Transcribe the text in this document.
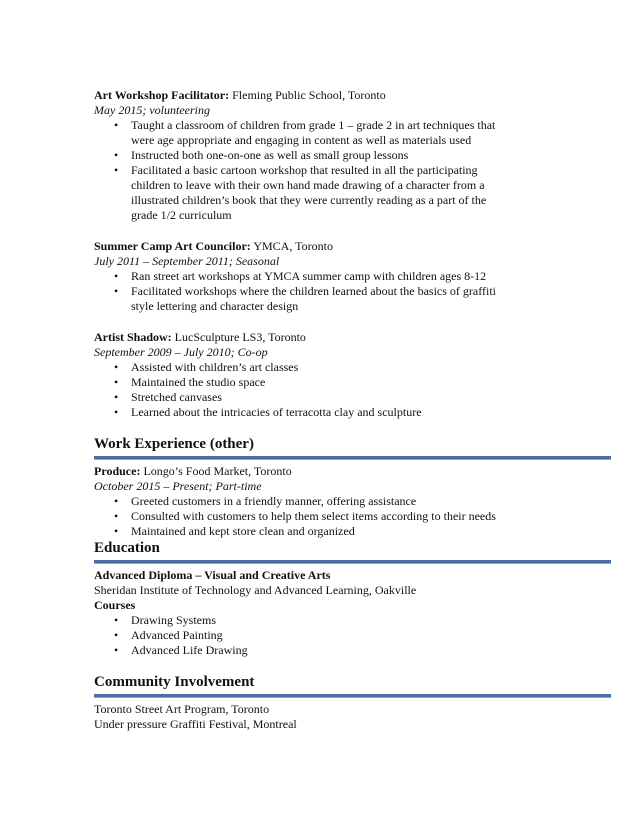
Art Workshop Facilitator: Fleming Public School, Toronto

May 2015; volunteering

• Taught a classroom of children from grade 1 – grade 2 in art techniques that
were age appropriate and engaging in content as well as materials used
• Instructed both one-on-one as well as small group lessons
• Facilitated a basic cartoon workshop that resulted in all the participating
children to leave with their own hand made drawing of a character from a
illustrated children’s book that they were currently reading as a part of the
grade 1/2 curriculum

Summer Camp Art Councilor: YMCA, Toronto

July 2011 – September 2011; Seasonal

• Ran street art workshops at YMCA summer camp with children ages 8-12
• Facilitated workshops where the children learned about the basics of graffiti
style lettering and character design

Artist Shadow: LucSculpture LS3, Toronto

September 2009 – July 2010; Co-op

• Assisted with children’s art classes
• Maintained the studio space
• Stretched canvases
• Learned about the intricacies of terracotta clay and sculpture

Work Experience (other)

Produce: Longo’s Food Market, Toronto

October 2015 – Present; Part-time

• Greeted customers in a friendly manner, offering assistance
• Consulted with customers to help them select items according to their needs
• Maintained and kept store clean and organized

Education

Advanced Diploma – Visual and Creative Arts

Sheridan Institute of Technology and Advanced Learning, Oakville

Courses

• Drawing Systems
• Advanced Painting
• Advanced Life Drawing

Community Involvement

Toronto Street Art Program, Toronto

Under pressure Graffiti Festival, Montreal
